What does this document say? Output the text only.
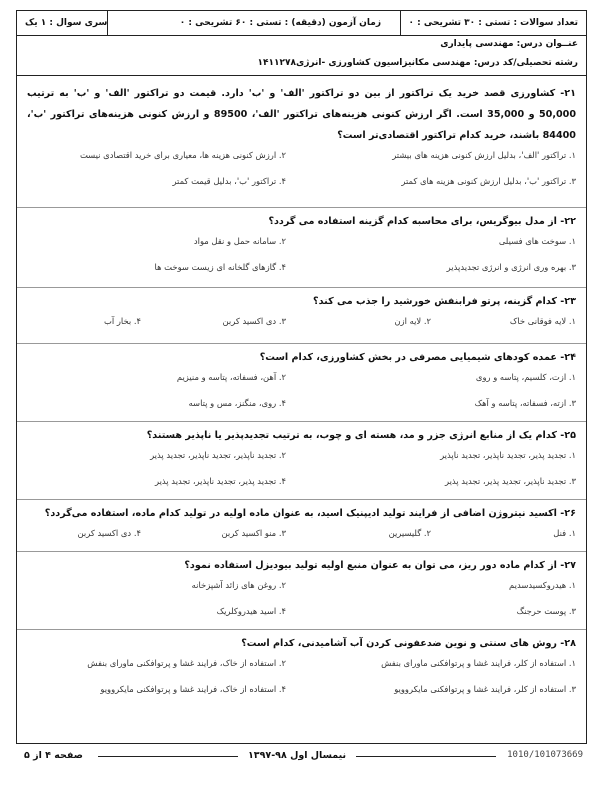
تعداد سوالات : تستی : ۳۰ تشریحی : ۰
زمان آزمون (دقیقه) : تستی : ۶۰ تشریحی : ۰
سری سوال : ۱ یک
عنــوان درس: مهندسی پایداری
رشته تحصیلی/کد درس: مهندسی مکانیزاسیون کشاورزی -انرژی۱۴۱۱۲۷۸
۲۱- کشاورزی قصد خرید یک تراکتور از بین دو تراکتور 'الف' و 'ب' دارد. قیمت دو تراکتور 'الف' و 'ب' به ترتیب 50,000 و 35,000 است. اگر ارزش کنونی هزینه‌های تراکتور 'الف'، 89500 و ارزش کنونی هزینه‌های تراکتور 'ب'، 84400 باشند، خرید کدام تراکتور اقتصادی‌تر است؟
۱. تراکتور 'الف'، بدلیل ارزش کنونی هزینه های بیشتر
۲. ارزش کنونی هزینه ها، معیاری برای خرید اقتصادی نیست
۳. تراکتور 'ب'، بدلیل ارزش کنونی هزینه های کمتر
۴. تراکتور 'ب'، بدلیل قیمت کمتر
۲۲- از مدل بیوگریس، برای محاسبه کدام گزینه استفاده می گردد؟
۱. سوخت های فسیلی
۲. سامانه حمل و نقل مواد
۳. بهره وری انرژی و انرژی تجدیدپذیر
۴. گازهای گلخانه ای زیست سوخت ها
۲۳- کدام گزینه، پرتو فرابنفش خورشید را جذب می کند؟
۱. لایه فوقانی خاک
۲. لایه ازن
۳. دی اکسید کربن
۴. بخار آب
۲۴- عمده کودهای شیمیایی مصرفی در بخش کشاورزی، کدام است؟
۱. ازت، کلسیم، پتاسه و روی
۲. آهن، فسفاته، پتاسه و منیزیم
۳. ازته، فسفاته، پتاسه و آهک
۴. روی، منگنز، مس و پتاسه
۲۵- کدام یک از منابع انرژی جزر و مد، هسته ای و چوب، به ترتیب تجدیدپذیر یا ناپذیر هستند؟
۱. تجدید پذیر، تجدید ناپذیر، تجدید ناپذیر
۲. تجدید ناپذیر، تجدید ناپذیر، تجدید پذیر
۳. تجدید ناپذیر، تجدید پذیر، تجدید پذیر
۴. تجدید پذیر، تجدید ناپذیر، تجدید پذیر
۲۶- اکسید نیتروژن اضافی از فرایند تولید ادیپنیک اسید، به عنوان ماده اولیه در تولید کدام ماده، استفاده می‌گردد؟
۱. فنل
۲. گلیسیرین
۳. منو اکسید کربن
۴. دی اکسید کربن
۲۷- از کدام ماده دور ریز، می توان به عنوان منبع اولیه تولید بیودیزل استفاده نمود؟
۱. هیدروکسیدسدیم
۲. روغن های زائد آشپزخانه
۳. پوست حرجنگ
۴. اسید هیدروکلریک
۲۸- روش های سنتی و نوین ضدعفونی کردن آب آشامیدنی، کدام است؟
۱. استفاده از کلر، فرایند غشا و پرتوافکنی ماورای بنفش
۲. استفاده از خاک، فرایند غشا و پرتوافکنی ماورای بنفش
۳. استفاده از کلر، فرایند غشا و پرتوافکنی مایکروویو
۴. استفاده از خاک، فرایند غشا و پرتوافکنی مایکروویو
صفحه ۴ از ۵	نیمسال اول ۹۸-۱۳۹۷	1010/101073669
